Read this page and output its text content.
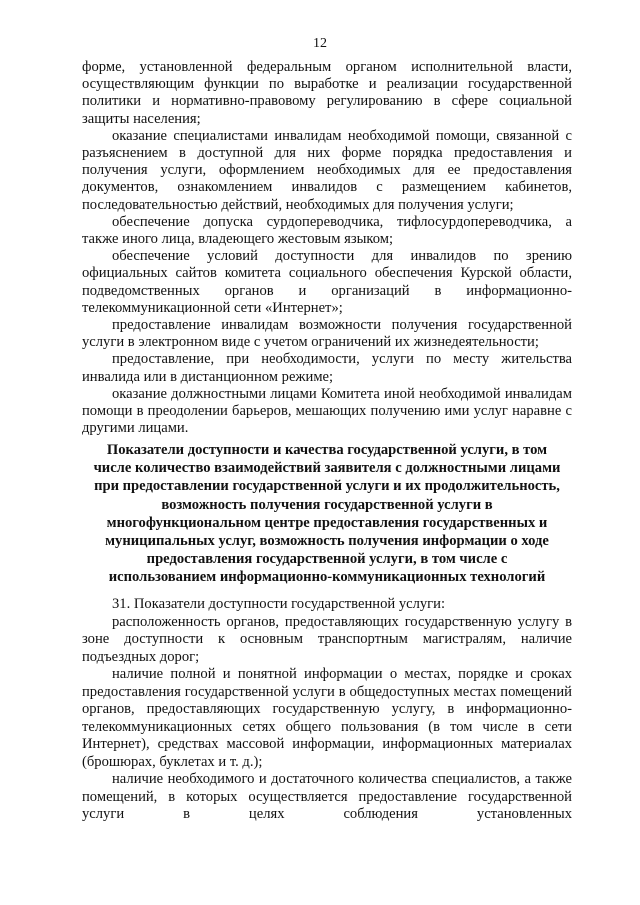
12

форме, установленной федеральным органом исполнительной власти, осуществляющим функции по выработке и реализации государственной политики и нормативно-правовому регулированию в сфере социальной защиты населения;

оказание специалистами инвалидам необходимой помощи, связанной с разъяснением в доступной для них форме порядка предоставления и получения услуги, оформлением необходимых для ее предоставления документов, ознакомлением инвалидов с размещением кабинетов, последовательностью действий, необходимых для получения услуги;

обеспечение допуска сурдопереводчика, тифлосурдопереводчика, а также иного лица, владеющего жестовым языком;

обеспечение условий доступности для инвалидов по зрению официальных сайтов комитета социального обеспечения Курской области, подведомственных органов и организаций в информационно-телекоммуникационной сети «Интернет»;

предоставление инвалидам возможности получения государственной услуги в электронном виде с учетом ограничений их жизнедеятельности;

предоставление, при необходимости, услуги по месту жительства инвалида или в дистанционном режиме;

оказание должностными лицами Комитета иной необходимой инвалидам помощи в преодолении барьеров, мешающих получению ими услуг наравне с другими лицами.

Показатели доступности и качества государственной услуги, в том
числе количество взаимодействий заявителя с должностными лицами
при предоставлении государственной услуги и их продолжительность,
возможность получения государственной услуги в
многофункциональном центре предоставления государственных и
муниципальных услуг, возможность получения информации о ходе
предоставления государственной услуги, в том числе с
использованием информационно-коммуникационных технологий

31. Показатели доступности государственной услуги:

расположенность органов, предоставляющих государственную услугу в зоне доступности к основным транспортным магистралям, наличие подъездных дорог;

наличие полной и понятной информации о местах, порядке и сроках предоставления государственной услуги в общедоступных местах помещений органов, предоставляющих государственную услугу, в информационно-телекоммуникационных сетях общего пользования (в том числе в сети Интернет), средствах массовой информации, информационных материалах (брошюрах, буклетах и т. д.);

наличие необходимого и достаточного количества специалистов, а также помещений, в которых осуществляется предоставление государственной услуги в целях соблюдения установленных
